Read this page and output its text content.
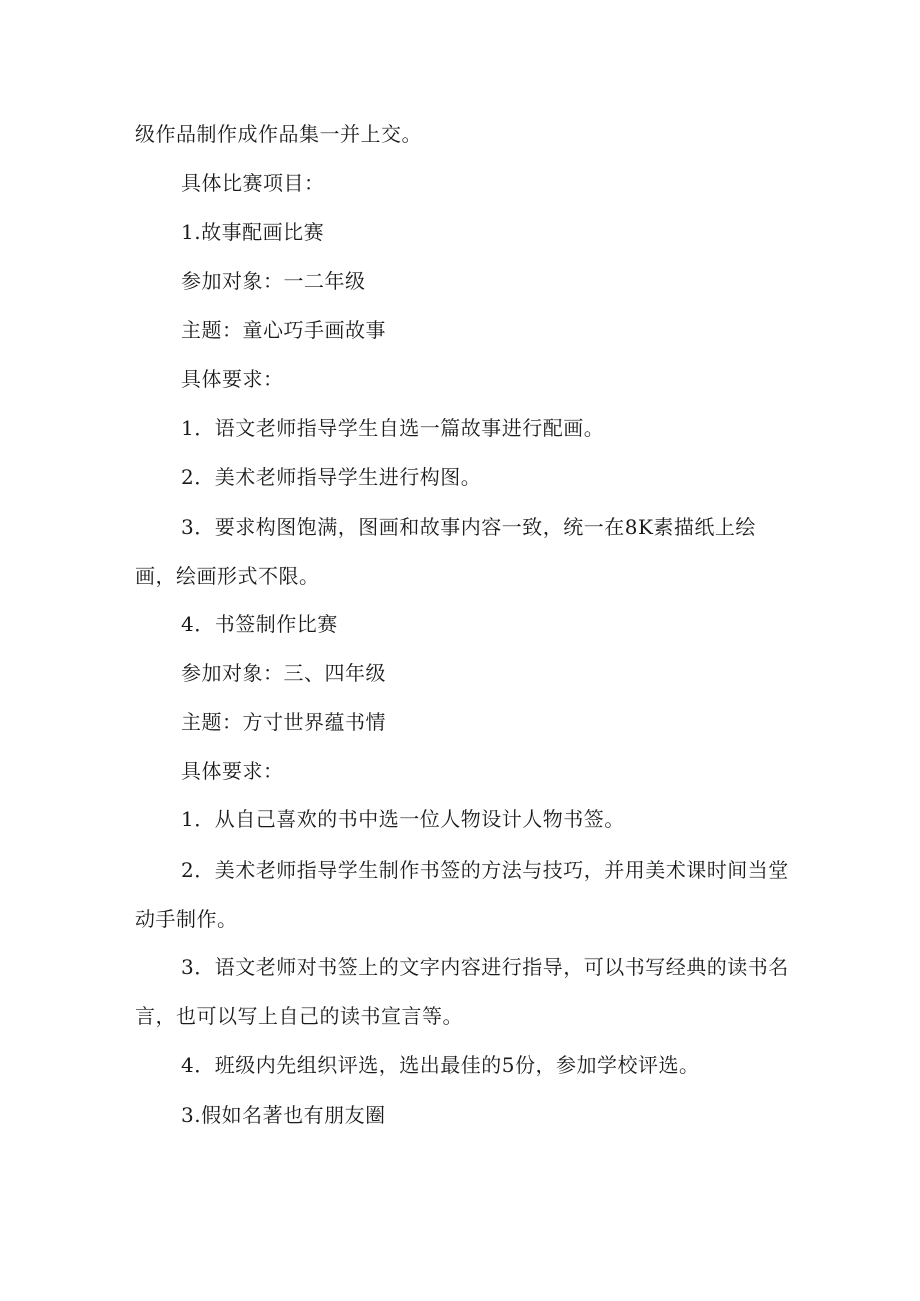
级作品制作成作品集一并上交。
具体比赛项目：
1.故事配画比赛
参加对象：一二年级
主题：童心巧手画故事
具体要求：
1．语文老师指导学生自选一篇故事进行配画。
2．美术老师指导学生进行构图。
3．要求构图饱满，图画和故事内容一致，统一在8K素描纸上绘
画，绘画形式不限。
4．书签制作比赛
参加对象：三、四年级
主题：方寸世界蕴书情
具体要求：
1．从自己喜欢的书中选一位人物设计人物书签。
2．美术老师指导学生制作书签的方法与技巧，并用美术课时间当堂
动手制作。
3．语文老师对书签上的文字内容进行指导，可以书写经典的读书名
言，也可以写上自己的读书宣言等。
4．班级内先组织评选，选出最佳的5份，参加学校评选。
3.假如名著也有朋友圈
